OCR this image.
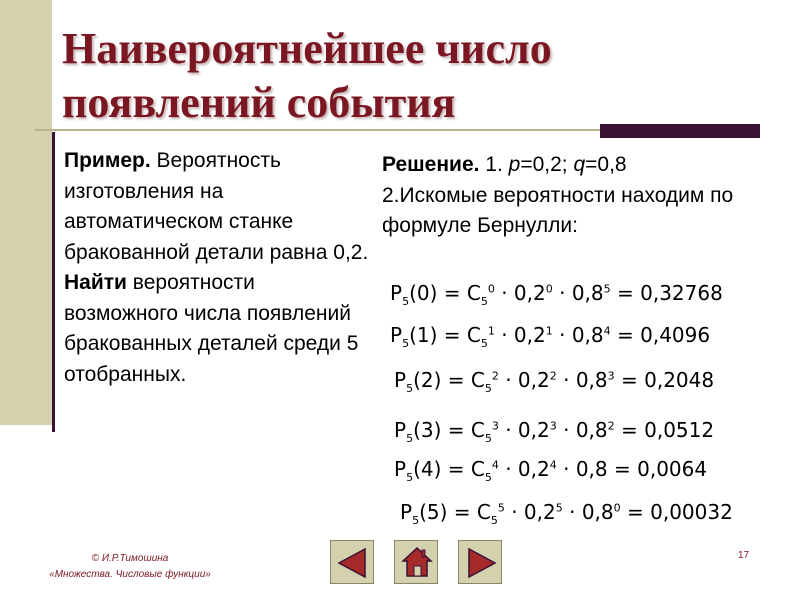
Наивероятнейшее число
появлений события
Пример. Вероятность изготовления на автоматическом станке бракованной детали равна 0,2. Найти вероятности возможного числа появлений бракованных деталей среди 5 отобранных.
Решение. 1. p=0,2; q=0,8
2.Искомые вероятности находим по формуле Бернулли:
$P_5(0) = C_5^0 \cdot 0,2^0 \cdot 0,8^5 = 0,32768$
$P_5(1) = C_5^1 \cdot 0,2^1 \cdot 0,8^4 = 0,4096$
$P_5(2) = C_5^2 \cdot 0,2^2 \cdot 0,8^3 = 0,2048$
$P_5(3) = C_5^3 \cdot 0,2^3 \cdot 0,8^2 = 0,0512$
$P_5(4) = C_5^4 \cdot 0,2^4 \cdot 0,8 = 0,0064$
$P_5(5) = C_5^5 \cdot 0,2^5 \cdot 0,8^0 = 0,00032$
© И.Р.Тимошина
«Множества. Числовые функции»
17
